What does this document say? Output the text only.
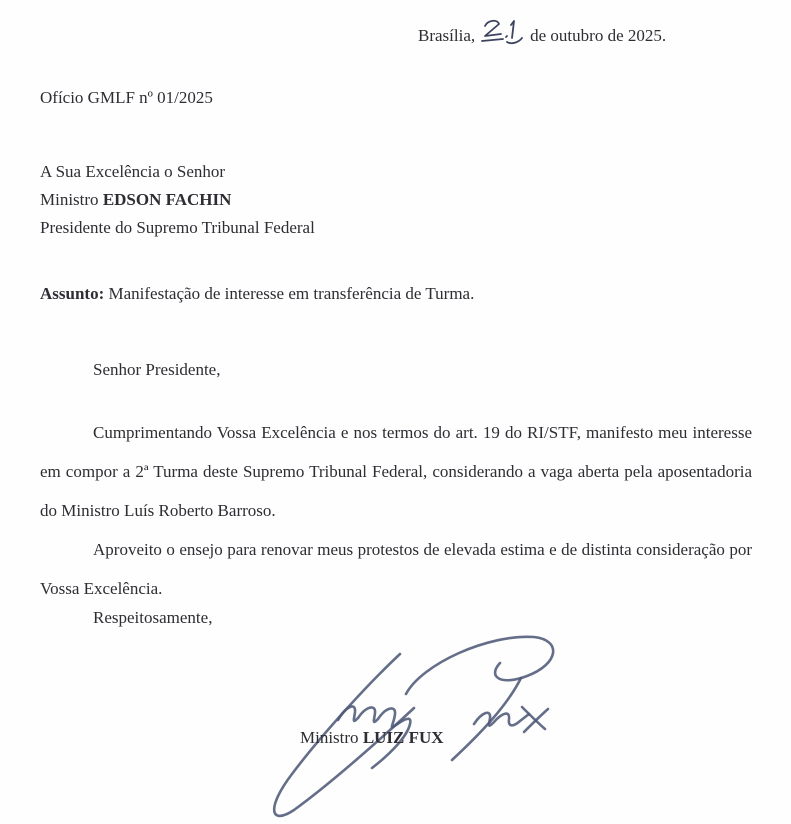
Brasília,	de outubro de 2025.
Ofício GMLF nº 01/2025
A Sua Excelência o Senhor
Ministro EDSON FACHIN
Presidente do Supremo Tribunal Federal
Assunto: Manifestação de interesse em transferência de Turma.
Senhor Presidente,

Cumprimentando Vossa Excelência e nos termos do art. 19 do RI/STF, manifesto meu interesse em compor a 2ª Turma deste Supremo Tribunal Federal, considerando a vaga aberta pela aposentadoria do Ministro Luís Roberto Barroso.

Aproveito o ensejo para renovar meus protestos de elevada estima e de distinta consideração por Vossa Excelência.

Respeitosamente,
Ministro LUIZ FUX
